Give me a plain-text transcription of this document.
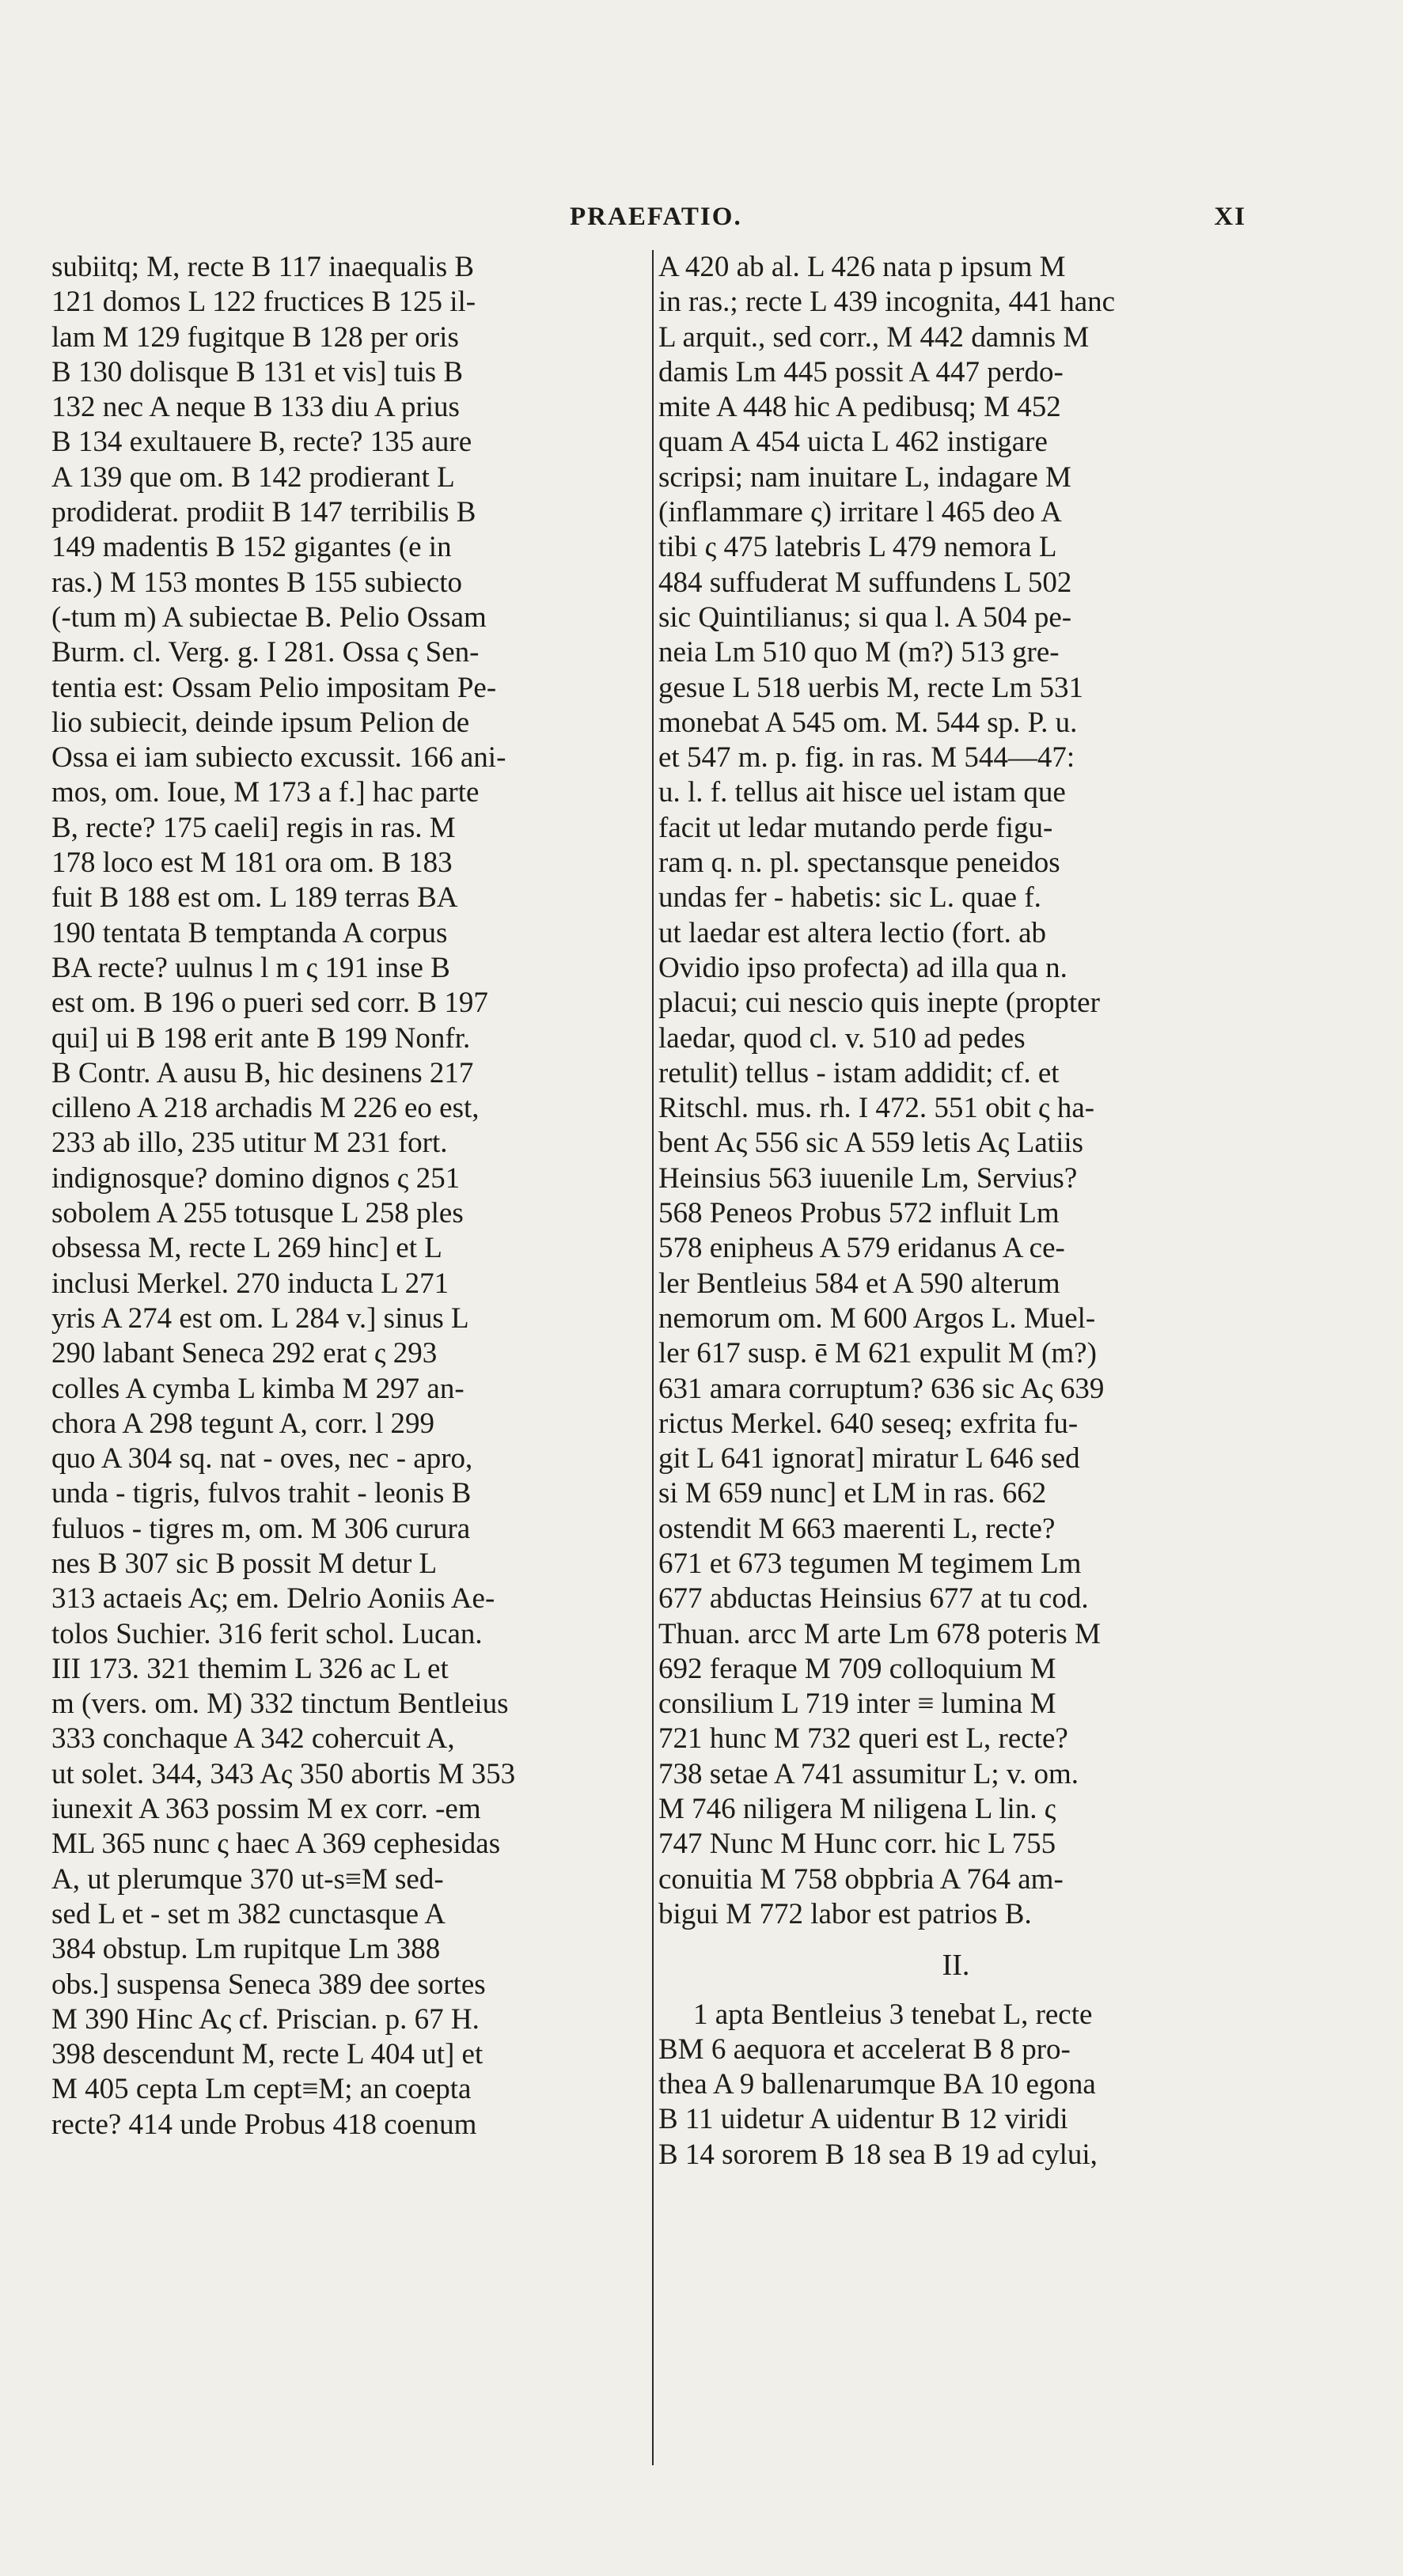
PRAEFATIO.	XI
subiitq; M, recte B 117 inaequalis B
121 domos L 122 fructices B 125 il-
lam M 129 fugitque B 128 per oris
B 130 dolisque B 131 et vis] tuis B
132 nec A neque B 133 diu A prius
B 134 exultauere B, recte? 135 aure
A 139 que om. B 142 prodierant L
prodiderat. prodiit B 147 terribilis B
149 madentis B 152 gigantes (e in
ras.) M 153 montes B 155 subiecto
(-tum m) A subiectae B. Pelio Ossam
Burm. cl. Verg. g. I 281. Ossa ς Sen-
tentia est: Ossam Pelio impositam Pe-
lio subiecit, deinde ipsum Pelion de
Ossa ei iam subiecto excussit. 166 ani-
mos, om. Ioue, M 173 a f.] hac parte
B, recte? 175 caeli] regis in ras. M
178 loco est M 181 ora om. B 183
fuit B 188 est om. L 189 terras BA
190 tentata B temptanda A corpus
BA recte? uulnus l m ς 191 inse B
est om. B 196 o pueri sed corr. B 197
qui] ui B 198 erit ante B 199 Nonfr.
B Contr. A ausu B, hic desinens 217
cilleno A 218 archadis M 226 eo est,
233 ab illo, 235 utitur M 231 fort.
indignosque? domino dignos ς 251
sobolem A 255 totusque L 258 ples
obsessa M, recte L 269 hinc] et L
inclusi Merkel. 270 inducta L 271
yris A 274 est om. L 284 v.] sinus L
290 labant Seneca 292 erat ς 293
colles A cymba L kimba M 297 an-
chora A 298 tegunt A, corr. l 299
quo A 304 sq. nat - oves, nec - apro,
unda - tigris, fulvos trahit - leonis B
fuluos - tigres m, om. M 306 curura
nes B 307 sic B possit M detur L
313 actaeis Aς; em. Delrio Aoniis Ae-
tolos Suchier. 316 ferit schol. Lucan.
III 173. 321 themim L 326 ac L et
m (vers. om. M) 332 tinctum Bentleius
333 conchaque A 342 cohercuit A,
ut solet. 344, 343 Aς 350 abortis M 353
iunexit A 363 possim M ex corr. -em
ML 365 nunc ς haec A 369 cephesidas
A, ut plerumque 370 ut-s≡M sed-
sed L et - set m 382 cunctasque A
384 obstup. Lm rupitque Lm 388
obs.] suspensa Seneca 389 dee sortes
M 390 Hinc Aς cf. Priscian. p. 67 H.
398 descendunt M, recte L 404 ut] et
M 405 cepta Lm cept≡M; an coepta
recte? 414 unde Probus 418 coenum
A 420 ab al. L 426 nata p ipsum M
in ras.; recte L 439 incognita, 441 hanc
L arquit., sed corr., M 442 damnis M
damis Lm 445 possit A 447 perdo-
mite A 448 hic A pedibusq; M 452
quam A 454 uicta L 462 instigare
scripsi; nam inuitare L, indagare M
(inflammare ς) irritare l 465 deo A
tibi ς 475 latebris L 479 nemora L
484 suffuderat M suffundens L 502
sic Quintilianus; si qua l. A 504 pe-
neia Lm 510 quo M (m?) 513 gre-
gesue L 518 uerbis M, recte Lm 531
monebat A 545 om. M. 544 sp. P. u.
et 547 m. p. fig. in ras. M 544—47:
u. l. f. tellus ait hisce uel istam que
facit ut ledar mutando perde figu-
ram q. n. pl. spectansque peneidos
undas fer - habetis: sic L. quae f.
ut laedar est altera lectio (fort. ab
Ovidio ipso profecta) ad illa qua n.
placui; cui nescio quis inepte (propter
laedar, quod cl. v. 510 ad pedes
retulit) tellus - istam addidit; cf. et
Ritschl. mus. rh. I 472. 551 obit ς ha-
bent Aς 556 sic A 559 letis Aς Latiis
Heinsius 563 iuuenile Lm, Servius?
568 Peneos Probus 572 influit Lm
578 enipheus A 579 eridanus A ce-
ler Bentleius 584 et A 590 alterum
nemorum om. M 600 Argos L. Muel-
ler 617 susp. ē M 621 expulit M (m?)
631 amara corruptum? 636 sic Aς 639
rictus Merkel. 640 seseq; exfrita fu-
git L 641 ignorat] miratur L 646 sed
si M 659 nunc] et LM in ras. 662
ostendit M 663 maerenti L, recte?
671 et 673 tegumen M tegimem Lm
677 abductas Heinsius 677 at tu cod.
Thuan. arcc M arte Lm 678 poteris M
692 feraque M 709 colloquium M
consilium L 719 inter ≡ lumina M
721 hunc M 732 queri est L, recte?
738 setae A 741 assumitur L; v. om.
M 746 niligera M niligena L lin. ς
747 Nunc M Hunc corr. hic L 755
conuitia M 758 obpbria A 764 am-
bigui M 772 labor est patrios B.
II.
1 apta Bentleius 3 tenebat L, recte
BM 6 aequora et accelerat B 8 pro-
thea A 9 ballenarumque BA 10 egona
B 11 uidetur A uidentur B 12 viridi
B 14 sororem B 18 sea B 19 ad cylui,
